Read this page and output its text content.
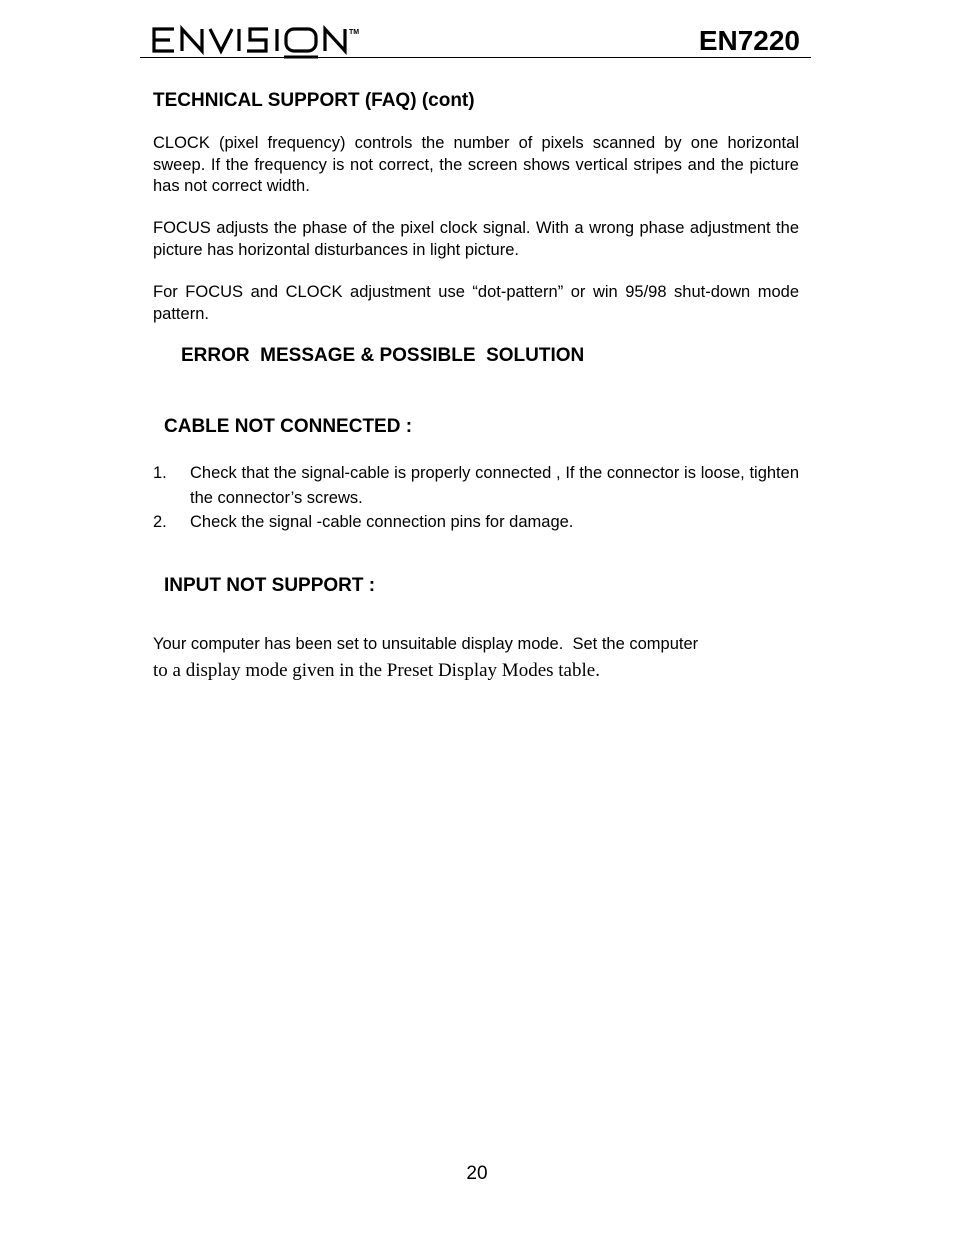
TM	EN7220
TECHNICAL SUPPORT (FAQ) (cont)
CLOCK (pixel frequency) controls the number of pixels scanned by one horizontal sweep. If the frequency is not correct, the screen shows vertical stripes and the picture has not correct width.
FOCUS adjusts the phase of the pixel clock signal. With a wrong phase adjustment the picture has horizontal disturbances in light picture.
For FOCUS and CLOCK adjustment use “dot-pattern” or win 95/98 shut-down mode pattern.
ERROR  MESSAGE & POSSIBLE  SOLUTION
CABLE NOT CONNECTED :
1. Check that the signal-cable is properly connected , If the connector is loose, tighten the connector’s screws.
2. Check the signal -cable connection pins for damage.
INPUT NOT SUPPORT :
Your computer has been set to unsuitable display mode.  Set the computer
to a display mode given in the Preset Display Modes table.
20
